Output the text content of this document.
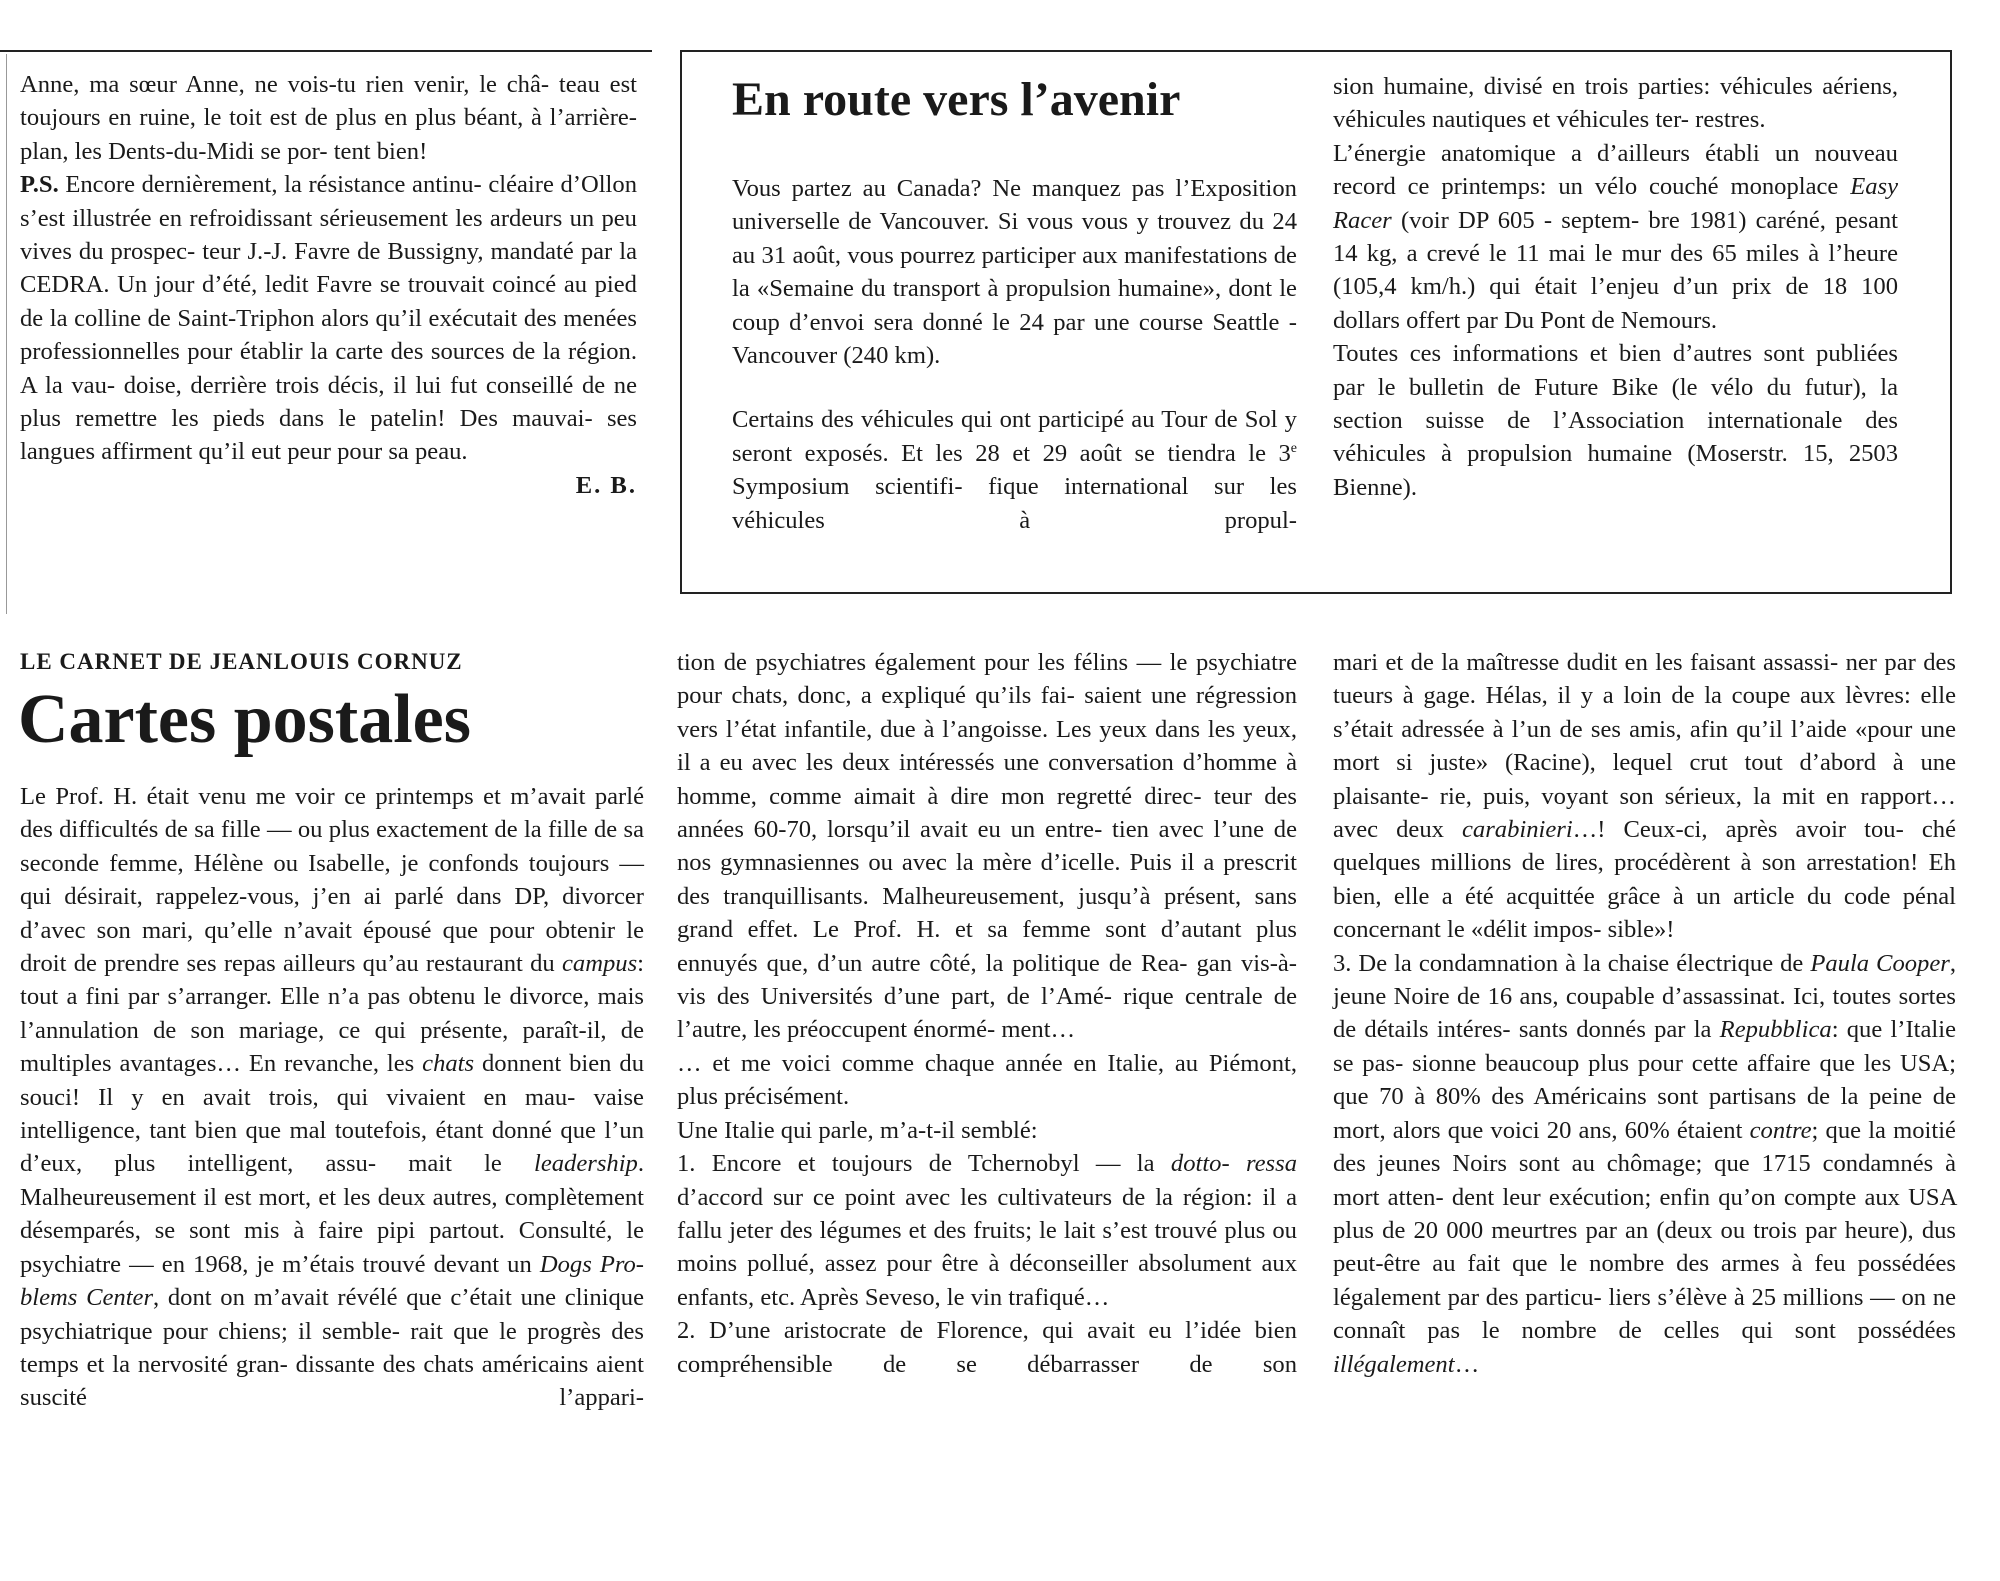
Anne, ma sœur Anne, ne vois-tu rien venir, le châ- teau est toujours en ruine, le toit est de plus en plus béant, à l’arrière-plan, les Dents-du-Midi se por- tent bien!

P.S. Encore dernièrement, la résistance antinu- cléaire d’Ollon s’est illustrée en refroidissant sérieusement les ardeurs un peu vives du prospec- teur J.-J. Favre de Bussigny, mandaté par la CEDRA. Un jour d’été, ledit Favre se trouvait coincé au pied de la colline de Saint-Triphon alors qu’il exécutait des menées professionnelles pour établir la carte des sources de la région. A la vau- doise, derrière trois décis, il lui fut conseillé de ne plus remettre les pieds dans le patelin! Des mauvai- ses langues affirment qu’il eut peur pour sa peau.

E. B.

En route vers l’avenir

Vous partez au Canada? Ne manquez pas l’Exposition universelle de Vancouver. Si vous vous y trouvez du 24 au 31 août, vous pourrez participer aux manifestations de la «Semaine du transport à propulsion humaine», dont le coup d’envoi sera donné le 24 par une course Seattle - Vancouver (240 km).

Certains des véhicules qui ont participé au Tour de Sol y seront exposés. Et les 28 et 29 août se tiendra le 3e Symposium scientifi- fique international sur les véhicules à propul-

sion humaine, divisé en trois parties: véhicules aériens, véhicules nautiques et véhicules ter- restres.

L’énergie anatomique a d’ailleurs établi un nouveau record ce printemps: un vélo couché monoplace Easy Racer (voir DP 605 - septem- bre 1981) caréné, pesant 14 kg, a crevé le 11 mai le mur des 65 miles à l’heure (105,4 km/h.) qui était l’enjeu d’un prix de 18 100 dollars offert par Du Pont de Nemours.

Toutes ces informations et bien d’autres sont publiées par le bulletin de Future Bike (le vélo du futur), la section suisse de l’Association internationale des véhicules à propulsion humaine (Moserstr. 15, 2503 Bienne).

LE CARNET DE JEANLOUIS CORNUZ
Cartes postales

Le Prof. H. était venu me voir ce printemps et m’avait parlé des difficultés de sa fille — ou plus exactement de la fille de sa seconde femme, Hélène ou Isabelle, je confonds toujours — qui désirait, rappelez-vous, j’en ai parlé dans DP, divorcer d’avec son mari, qu’elle n’avait épousé que pour obtenir le droit de prendre ses repas ailleurs qu’au restaurant du campus: tout a fini par s’arranger. Elle n’a pas obtenu le divorce, mais l’annulation de son mariage, ce qui présente, paraît-il, de multiples avantages… En revanche, les chats donnent bien du souci! Il y en avait trois, qui vivaient en mau- vaise intelligence, tant bien que mal toutefois, étant donné que l’un d’eux, plus intelligent, assu- mait le leadership. Malheureusement il est mort, et les deux autres, complètement désemparés, se sont mis à faire pipi partout. Consulté, le psychiatre — en 1968, je m’étais trouvé devant un Dogs Pro- blems Center, dont on m’avait révélé que c’était une clinique psychiatrique pour chiens; il semble- rait que le progrès des temps et la nervosité gran- dissante des chats américains aient suscité l’appari-

tion de psychiatres également pour les félins — le psychiatre pour chats, donc, a expliqué qu’ils fai- saient une régression vers l’état infantile, due à l’angoisse. Les yeux dans les yeux, il a eu avec les deux intéressés une conversation d’homme à homme, comme aimait à dire mon regretté direc- teur des années 60-70, lorsqu’il avait eu un entre- tien avec l’une de nos gymnasiennes ou avec la mère d’icelle. Puis il a prescrit des tranquillisants. Malheureusement, jusqu’à présent, sans grand effet. Le Prof. H. et sa femme sont d’autant plus ennuyés que, d’un autre côté, la politique de Rea- gan vis-à-vis des Universités d’une part, de l’Amé- rique centrale de l’autre, les préoccupent énormé- ment…

… et me voici comme chaque année en Italie, au Piémont, plus précisément.

Une Italie qui parle, m’a-t-il semblé:

1. Encore et toujours de Tchernobyl — la dotto- ressa d’accord sur ce point avec les cultivateurs de la région: il a fallu jeter des légumes et des fruits; le lait s’est trouvé plus ou moins pollué, assez pour être à déconseiller absolument aux enfants, etc. Après Seveso, le vin trafiqué…

2. D’une aristocrate de Florence, qui avait eu l’idée bien compréhensible de se débarrasser de son

mari et de la maîtresse dudit en les faisant assassi- ner par des tueurs à gage. Hélas, il y a loin de la coupe aux lèvres: elle s’était adressée à l’un de ses amis, afin qu’il l’aide «pour une mort si juste» (Racine), lequel crut tout d’abord à une plaisante- rie, puis, voyant son sérieux, la mit en rapport… avec deux carabinieri…! Ceux-ci, après avoir tou- ché quelques millions de lires, procédèrent à son arrestation! Eh bien, elle a été acquittée grâce à un article du code pénal concernant le «délit impos- sible»!

3. De la condamnation à la chaise électrique de Paula Cooper, jeune Noire de 16 ans, coupable d’assassinat. Ici, toutes sortes de détails intéres- sants donnés par la Repubblica: que l’Italie se pas- sionne beaucoup plus pour cette affaire que les USA; que 70 à 80% des Américains sont partisans de la peine de mort, alors que voici 20 ans, 60% étaient contre; que la moitié des jeunes Noirs sont au chômage; que 1715 condamnés à mort atten- dent leur exécution; enfin qu’on compte aux USA plus de 20 000 meurtres par an (deux ou trois par heure), dus peut-être au fait que le nombre des armes à feu possédées légalement par des particu- liers s’élève à 25 millions — on ne connaît pas le nombre de celles qui sont possédées illégalement…
